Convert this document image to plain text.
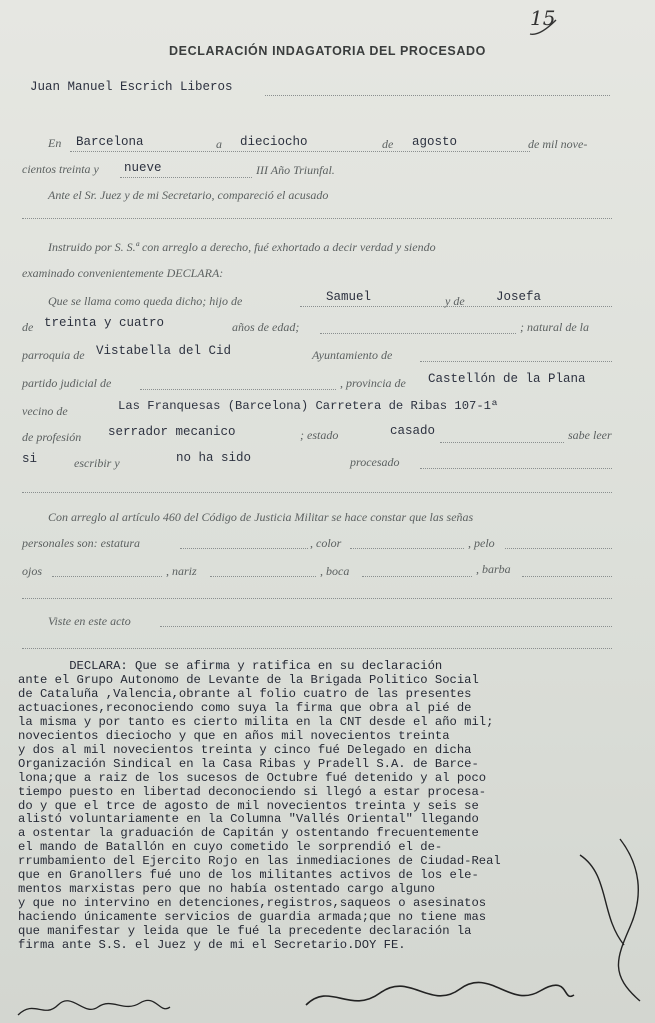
15
DECLARACIÓN INDAGATORIA DEL PROCESADO
Juan Manuel Escrich Liberos
En Barcelona	a dieciocho	de agosto	de mil nove-
cientos treinta y nueve	III Año Triunfal.
Ante el Sr. Juez y de mi Secretario, compareció el acusado
Instruido por S. S.ª con arreglo a derecho, fué exhortado a decir verdad y siendo
examinado convenientemente DECLARA:
Que se llama como queda dicho; hijo de	Samuel	y de	Josefa
de treinta y cuatro	años de edad;	; natural de la
parroquia de Vistabella del Cid	Ayuntamiento de
partido judicial de	, provincia de Castellón de la Plana
vecino de	Las Franquesas (Barcelona) Carretera de Ribas 107-1ª
de profesión serrador mecanico	; estado	casado	sabe leer
si	escribir y	no ha sido	procesado
Con arreglo al artículo 460 del Código de Justicia Militar se hace constar que las señas
personales son: estatura	, color	, pelo
ojos	, nariz	, boca	, barba
Viste en este acto
DECLARA: Que se afirma y ratifica en su declaración
ante el Grupo Autonomo de Levante de la Brigada Politico Social
de Cataluña ,Valencia,obrante al folio cuatro de las presentes
actuaciones,reconociendo como suya la firma que obra al pié de
la misma y por tanto es cierto milita en la CNT desde el año mil;
novecientos dieciocho y que en años mil novecientos treinta
y dos al mil novecientos treinta y cinco fué Delegado en dicha
Organización Sindical en la Casa Ribas y Pradell S.A. de Barce-
lona;que a raiz de los sucesos de Octubre fué detenido y al poco
tiempo puesto en libertad deconociendo si llegó a estar procesa-
do y que el trce de agosto de mil novecientos treinta y seis se
alistó voluntariamente en la Columna "Vallés Oriental" llegando
a ostentar la graduación de Capitán y ostentando frecuentemente
el mando de Batallón en cuyo cometido le sorprendió el de-
rrumbamiento del Ejercito Rojo en las inmediaciones de Ciudad-Real
que en Granollers fué uno de los militantes activos de los ele-
mentos marxistas pero que no había ostentado cargo alguno
y que no intervino en detenciones,registros,saqueos o asesinatos
haciendo únicamente servicios de guardia armada;que no tiene mas
que manifestar y leida que le fué la precedente declaración la
firma ante S.S. el Juez y de mi el Secretario.DOY FE.
